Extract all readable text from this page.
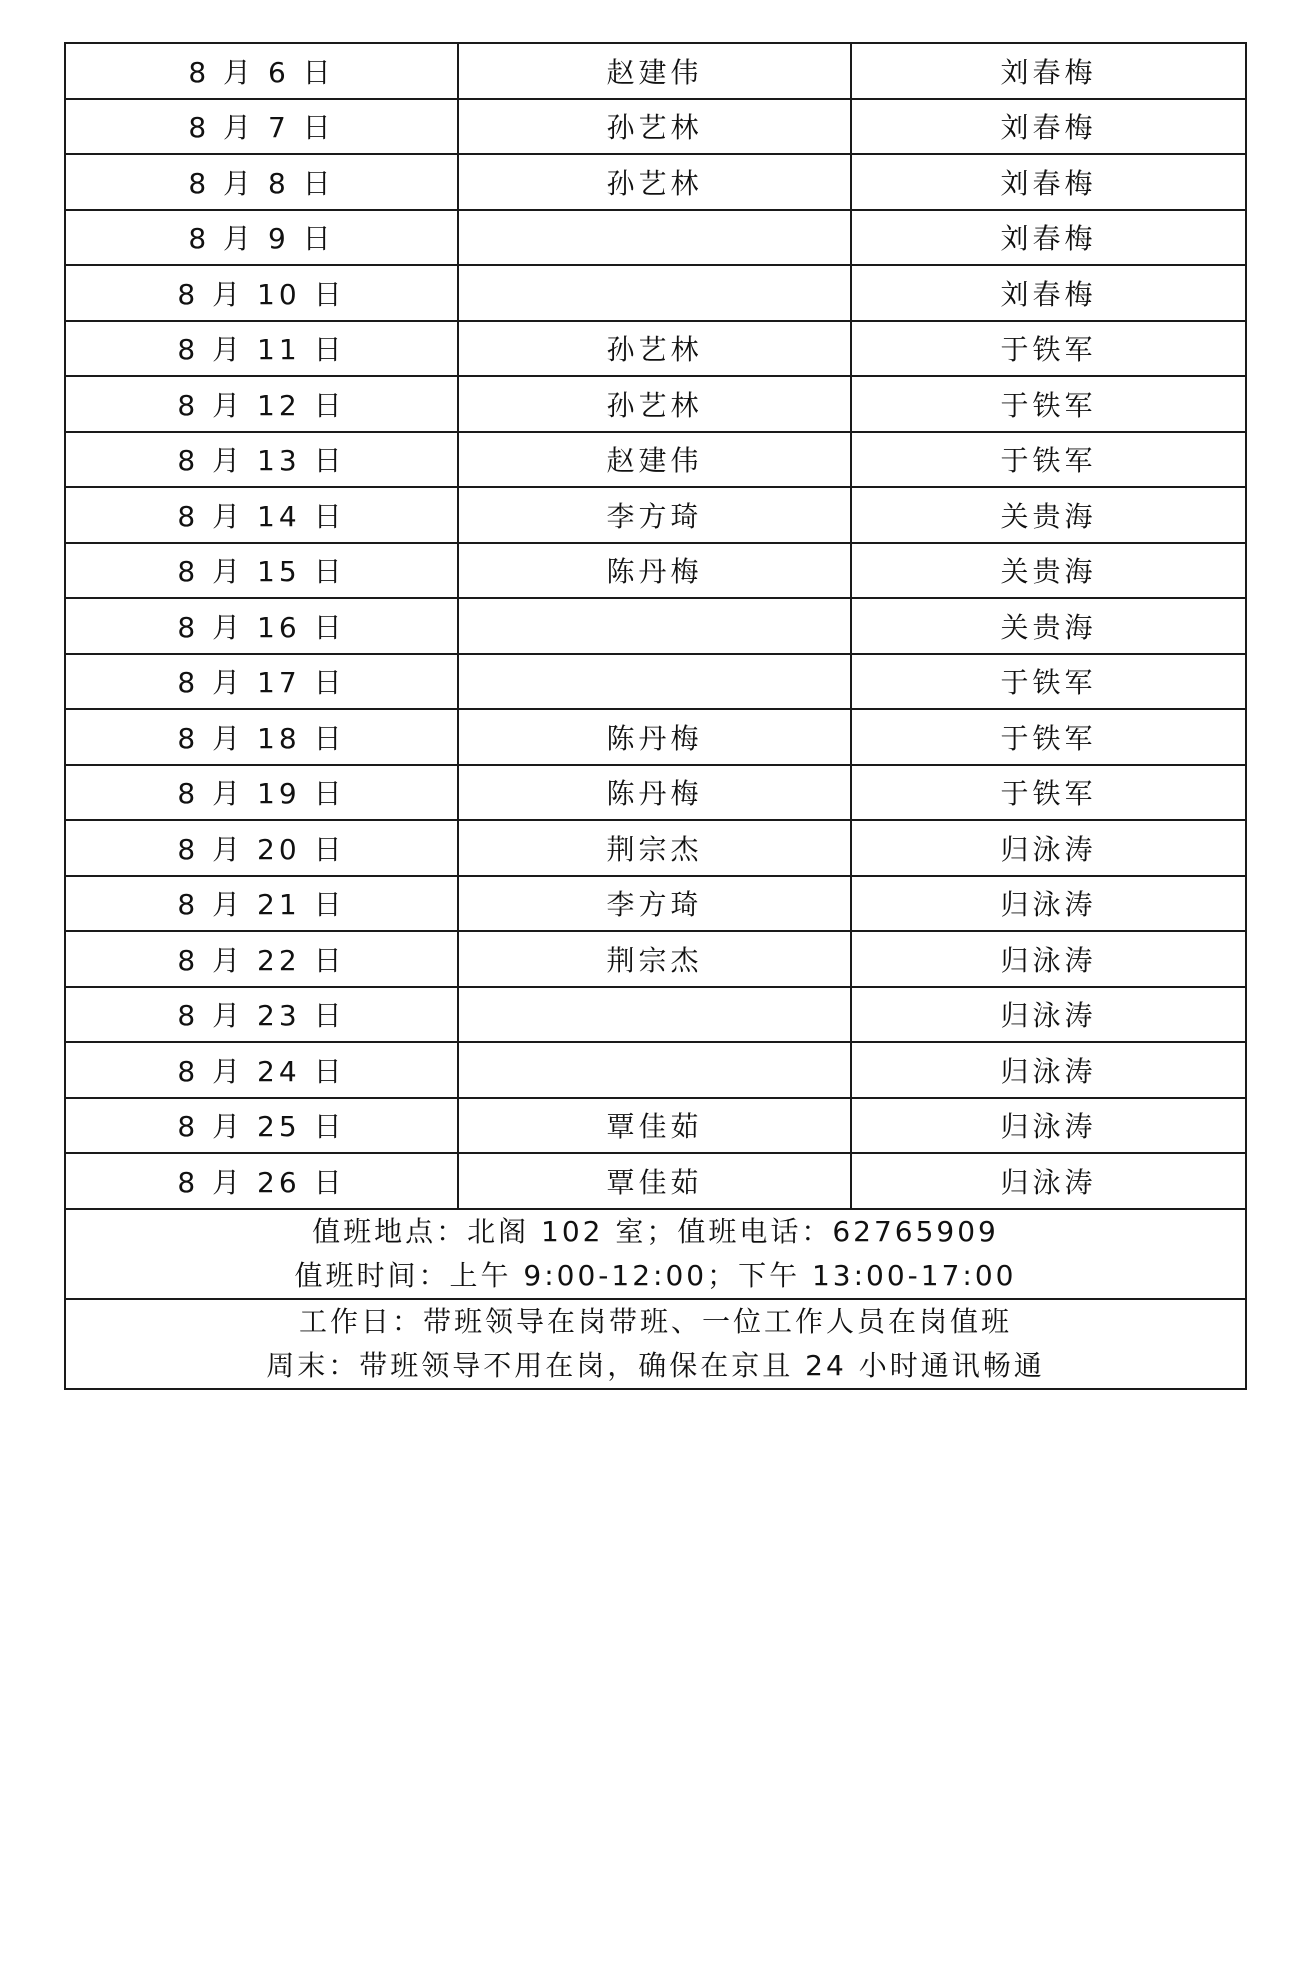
8 月 6 日	赵建伟	刘春梅
8 月 7 日	孙艺林	刘春梅
8 月 8 日	孙艺林	刘春梅
8 月 9 日		刘春梅
8 月 10 日		刘春梅
8 月 11 日	孙艺林	于铁军
8 月 12 日	孙艺林	于铁军
8 月 13 日	赵建伟	于铁军
8 月 14 日	李方琦	关贵海
8 月 15 日	陈丹梅	关贵海
8 月 16 日		关贵海
8 月 17 日		于铁军
8 月 18 日	陈丹梅	于铁军
8 月 19 日	陈丹梅	于铁军
8 月 20 日	荆宗杰	归泳涛
8 月 21 日	李方琦	归泳涛
8 月 22 日	荆宗杰	归泳涛
8 月 23 日		归泳涛
8 月 24 日		归泳涛
8 月 25 日	覃佳茹	归泳涛
8 月 26 日	覃佳茹	归泳涛

值班地点：北阁 102 室；值班电话：62765909
值班时间：上午 9:00-12:00；下午 13:00-17:00		

工作日：带班领导在岗带班、一位工作人员在岗值班
周末：带班领导不用在岗，确保在京且 24 小时通讯畅通		
